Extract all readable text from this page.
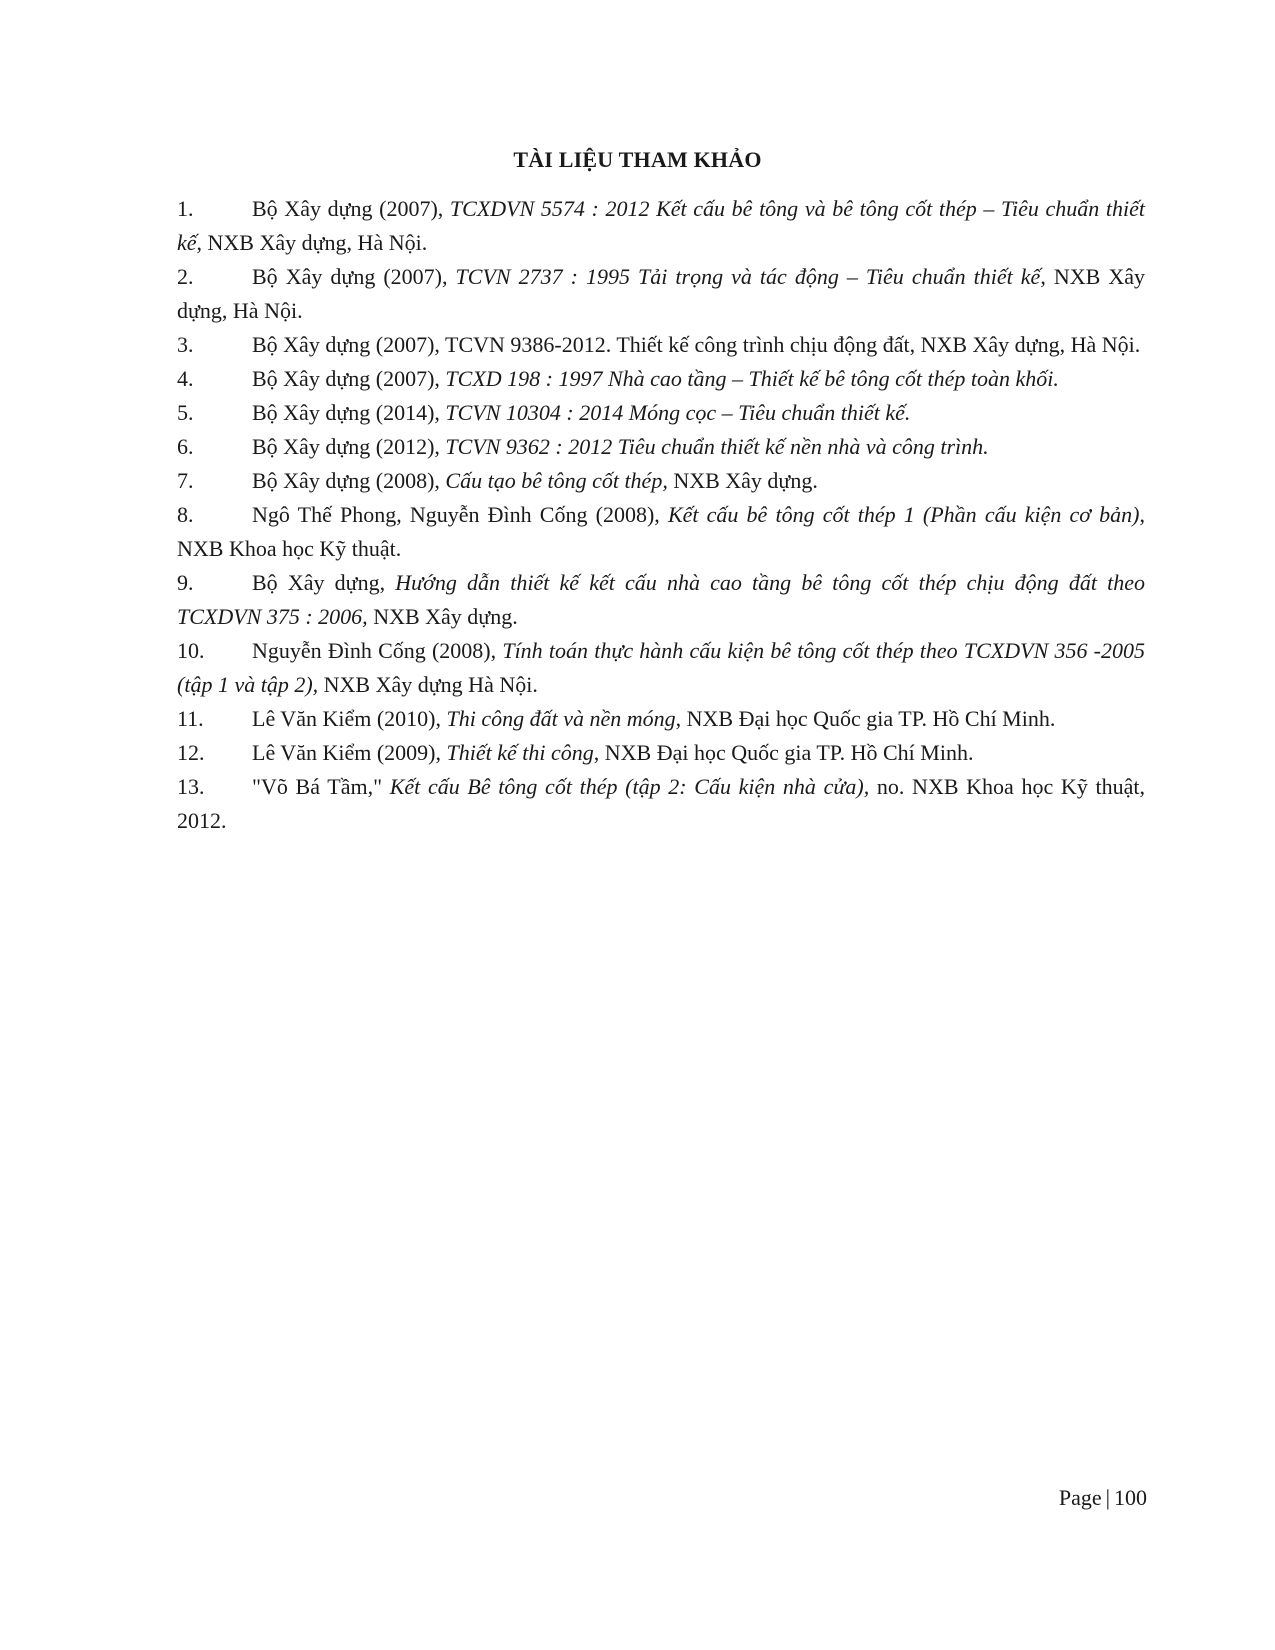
TÀI LIỆU THAM KHẢO
1.	Bộ Xây dựng (2007), TCXDVN 5574 : 2012 Kết cấu bê tông và bê tông cốt thép – Tiêu chuẩn thiết kế, NXB Xây dựng, Hà Nội.
2.	Bộ Xây dựng (2007), TCVN 2737 : 1995 Tải trọng và tác động – Tiêu chuẩn thiết kế, NXB Xây dựng, Hà Nội.
3.	Bộ Xây dựng (2007), TCVN 9386-2012. Thiết kế công trình chịu động đất, NXB Xây dựng, Hà Nội.
4.	Bộ Xây dựng (2007), TCXD 198 : 1997 Nhà cao tầng – Thiết kế bê tông cốt thép toàn khối.
5.	Bộ Xây dựng (2014), TCVN 10304 : 2014 Móng cọc – Tiêu chuẩn thiết kế.
6.	Bộ Xây dựng (2012), TCVN 9362 : 2012 Tiêu chuẩn thiết kế nền nhà và công trình.
7.	Bộ Xây dựng (2008), Cấu tạo bê tông cốt thép, NXB Xây dựng.
8.	Ngô Thế Phong, Nguyễn Đình Cống (2008), Kết cấu bê tông cốt thép 1 (Phần cấu kiện cơ bản), NXB Khoa học Kỹ thuật.
9.	Bộ Xây dựng, Hướng dẫn thiết kế kết cấu nhà cao tầng bê tông cốt thép chịu động đất theo TCXDVN 375 : 2006, NXB Xây dựng.
10. Nguyễn Đình Cống (2008), Tính toán thực hành cấu kiện bê tông cốt thép theo TCXDVN 356 -2005 (tập 1 và tập 2), NXB Xây dựng Hà Nội.
11. Lê Văn Kiểm (2010), Thi công đất và nền móng, NXB Đại học Quốc gia TP. Hồ Chí Minh.
12. Lê Văn Kiểm (2009), Thiết kế thi công, NXB Đại học Quốc gia TP. Hồ Chí Minh.
13. "Võ Bá Tầm," Kết cấu Bê tông cốt thép (tập 2: Cấu kiện nhà cửa), no. NXB Khoa học Kỹ thuật, 2012.
Page | 100
